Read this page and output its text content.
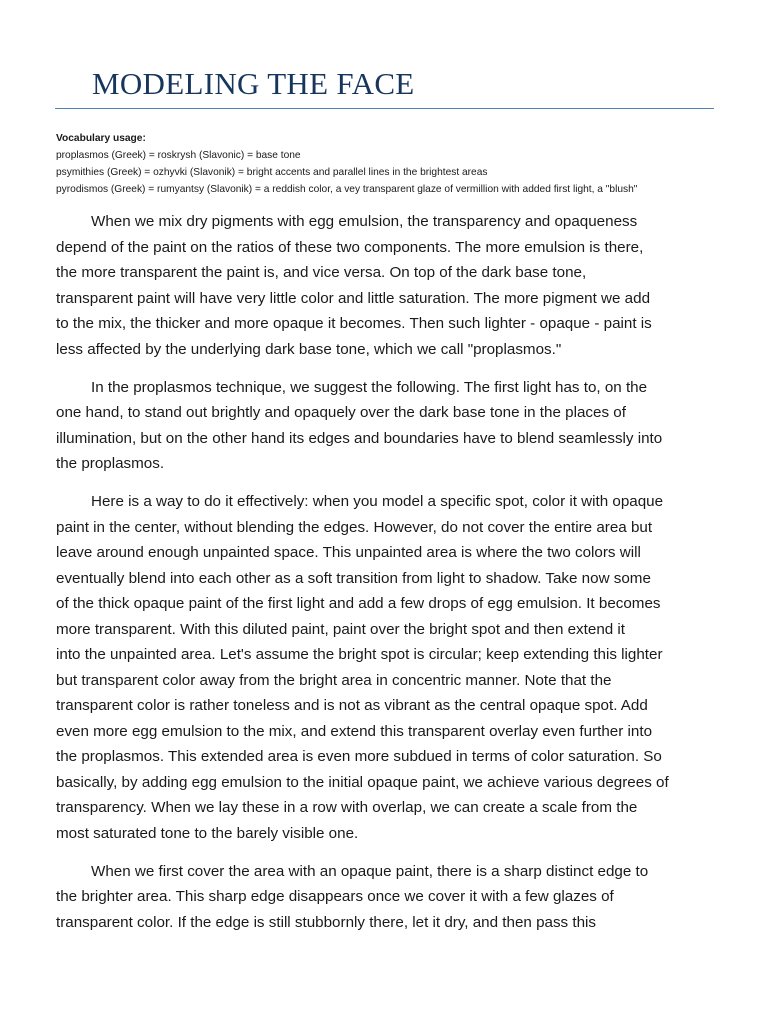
MODELING THE FACE
Vocabulary usage:
proplasmos (Greek) = roskrysh (Slavonic) = base tone
psymithies (Greek) = ozhyvki (Slavonik) = bright accents and parallel lines in the brightest areas
pyrodismos (Greek) = rumyantsy (Slavonik) = a reddish color, a vey transparent glaze of vermillion with added first light, a "blush"

When we mix dry pigments with egg emulsion, the transparency and opaqueness
depend of the paint on the ratios of these two components. The more emulsion is there,
the more transparent the paint is, and vice versa. On top of the dark base tone,
transparent paint will have very little color and little saturation. The more pigment we add
to the mix, the thicker and more opaque it becomes. Then such lighter - opaque - paint is
less affected by the underlying dark base tone, which we call "proplasmos."

In the proplasmos technique, we suggest the following. The first light has to, on the
one hand, to stand out brightly and opaquely over the dark base tone in the places of
illumination, but on the other hand its edges and boundaries have to blend seamlessly into
the proplasmos.

Here is a way to do it effectively: when you model a specific spot, color it with opaque
paint in the center, without blending the edges. However, do not cover the entire area but
leave around enough unpainted space. This unpainted area is where the two colors will
eventually blend into each other as a soft transition from light to shadow. Take now some
of the thick opaque paint of the first light and add a few drops of egg emulsion. It becomes
more transparent. With this diluted paint, paint over the bright spot and then extend it
into the unpainted area. Let's assume the bright spot is circular; keep extending this lighter
but transparent color away from the bright area in concentric manner. Note that the
transparent color is rather toneless and is not as vibrant as the central opaque spot. Add
even more egg emulsion to the mix, and extend this transparent overlay even further into
the proplasmos. This extended area is even more subdued in terms of color saturation. So
basically, by adding egg emulsion to the initial opaque paint, we achieve various degrees of
transparency. When we lay these in a row with overlap, we can create a scale from the
most saturated tone to the barely visible one.

When we first cover the area with an opaque paint, there is a sharp distinct edge to
the brighter area. This sharp edge disappears once we cover it with a few glazes of
transparent color. If the edge is still stubbornly there, let it dry, and then pass this
